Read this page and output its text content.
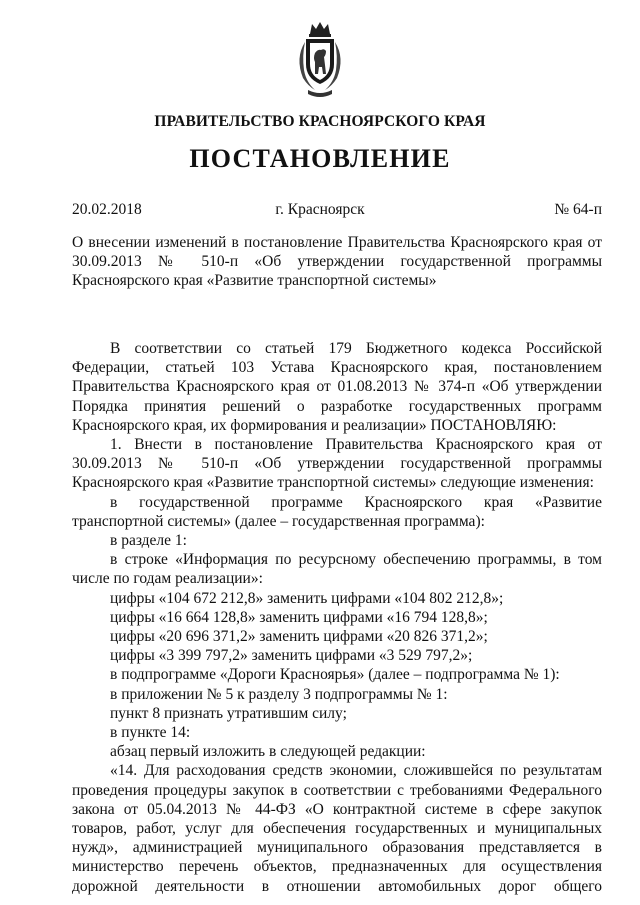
ПРАВИТЕЛЬСТВО КРАСНОЯРСКОГО КРАЯ
ПОСТАНОВЛЕНИЕ
г. Красноярск
20.02.2018	№ 64-п

О внесении изменений в постановление Правительства Красноярского края от 30.09.2013 № 510-п «Об утверждении государственной программы Красноярского края «Развитие транспортной системы»

В соответствии со статьей 179 Бюджетного кодекса Российской Федерации, статьей 103 Устава Красноярского края, постановлением Правительства Красноярского края от 01.08.2013 № 374-п «Об утверждении Порядка принятия решений о разработке государственных программ Красноярского края, их формирования и реализации» ПОСТАНОВЛЯЮ:

1. Внести в постановление Правительства Красноярского края от 30.09.2013 № 510-п «Об утверждении государственной программы Красноярского края «Развитие транспортной системы» следующие изменения:

в государственной программе Красноярского края «Развитие транспортной системы» (далее – государственная программа):

в разделе 1:

в строке «Информация по ресурсному обеспечению программы, в том числе по годам реализации»:

цифры «104 672 212,8» заменить цифрами «104 802 212,8»;

цифры «16 664 128,8» заменить цифрами «16 794 128,8»;

цифры «20 696 371,2» заменить цифрами «20 826 371,2»;

цифры «3 399 797,2» заменить цифрами «3 529 797,2»;

в подпрограмме «Дороги Красноярья» (далее – подпрограмма № 1):

в приложении № 5 к разделу 3 подпрограммы № 1:

пункт 8 признать утратившим силу;

в пункте 14:

абзац первый изложить в следующей редакции:

«14. Для расходования средств экономии, сложившейся по результатам проведения процедуры закупок в соответствии с требованиями Федерального закона от 05.04.2013 № 44-ФЗ «О контрактной системе в сфере закупок товаров, работ, услуг для обеспечения государственных и муниципальных нужд», администрацией муниципального образования представляется в министерство перечень объектов, предназначенных для осуществления дорожной деятельности в отношении автомобильных дорог общего
